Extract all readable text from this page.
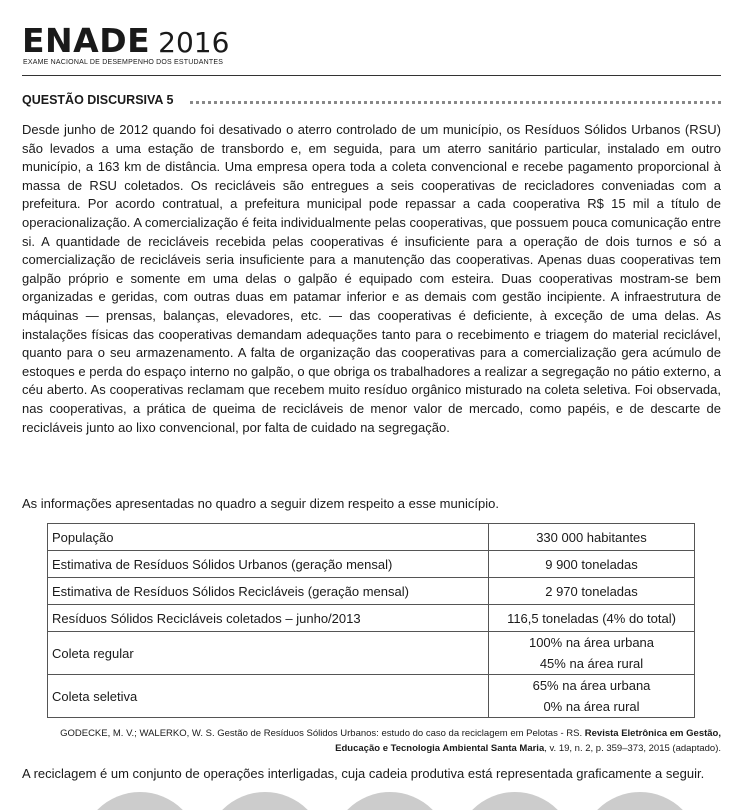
ENADE 2016
EXAME NACIONAL DE DESEMPENHO DOS ESTUDANTES
QUESTÃO DISCURSIVA 5

Desde junho de 2012 quando foi desativado o aterro controlado de um município, os Resíduos Sólidos Urbanos (RSU) são levados a uma estação de transbordo e, em seguida, para um aterro sanitário particular, instalado em outro município, a 163 km de distância. Uma empresa opera toda a coleta convencional e recebe pagamento proporcional à massa de RSU coletados. Os recicláveis são entregues a seis cooperativas de recicladores conveniadas com a prefeitura. Por acordo contratual, a prefeitura municipal pode repassar a cada cooperativa R$ 15 mil a título de operacionalização. A comercialização é feita individualmente pelas cooperativas, que possuem pouca comunicação entre si. A quantidade de recicláveis recebida pelas cooperativas é insuficiente para a operação de dois turnos e só a comercialização de recicláveis seria insuficiente para a manutenção das cooperativas. Apenas duas cooperativas tem galpão próprio e somente em uma delas o galpão é equipado com esteira. Duas cooperativas mostram-se bem organizadas e geridas, com outras duas em patamar inferior e as demais com gestão incipiente. A infraestrutura de máquinas — prensas, balanças, elevadores, etc. — das cooperativas é deficiente, à exceção de uma delas. As instalações físicas das cooperativas demandam adequações tanto para o recebimento e triagem do material reciclável, quanto para o seu armazenamento. A falta de organização das cooperativas para a comercialização gera acúmulo de estoques e perda do espaço interno no galpão, o que obriga os trabalhadores a realizar a segregação no pátio externo, a céu aberto. As cooperativas reclamam que recebem muito resíduo orgânico misturado na coleta seletiva. Foi observada, nas cooperativas, a prática de queima de recicláveis de menor valor de mercado, como papéis, e de descarte de recicláveis junto ao lixo convencional, por falta de cuidado na segregação.

As informações apresentadas no quadro a seguir dizem respeito a esse município.

População	330 000 habitantes
Estimativa de Resíduos Sólidos Urbanos (geração mensal)	9 900 toneladas
Estimativa de Resíduos Sólidos Recicláveis (geração mensal)	2 970 toneladas
Resíduos Sólidos Recicláveis coletados – junho/2013	116,5 toneladas (4% do total)
Coleta regular	100% na área urbana
45% na área rural

Coleta seletiva	65% na área urbana
0% na área rural

GODECKE, M. V.; WALERKO, W. S. Gestão de Resíduos Sólidos Urbanos: estudo do caso da reciclagem em Pelotas - RS. Revista Eletrônica em Gestão, Educação e Tecnologia Ambiental Santa Maria, v. 19, n. 2, p. 359–373, 2015 (adaptado).

A reciclagem é um conjunto de operações interligadas, cuja cadeia produtiva está representada graficamente a seguir.
